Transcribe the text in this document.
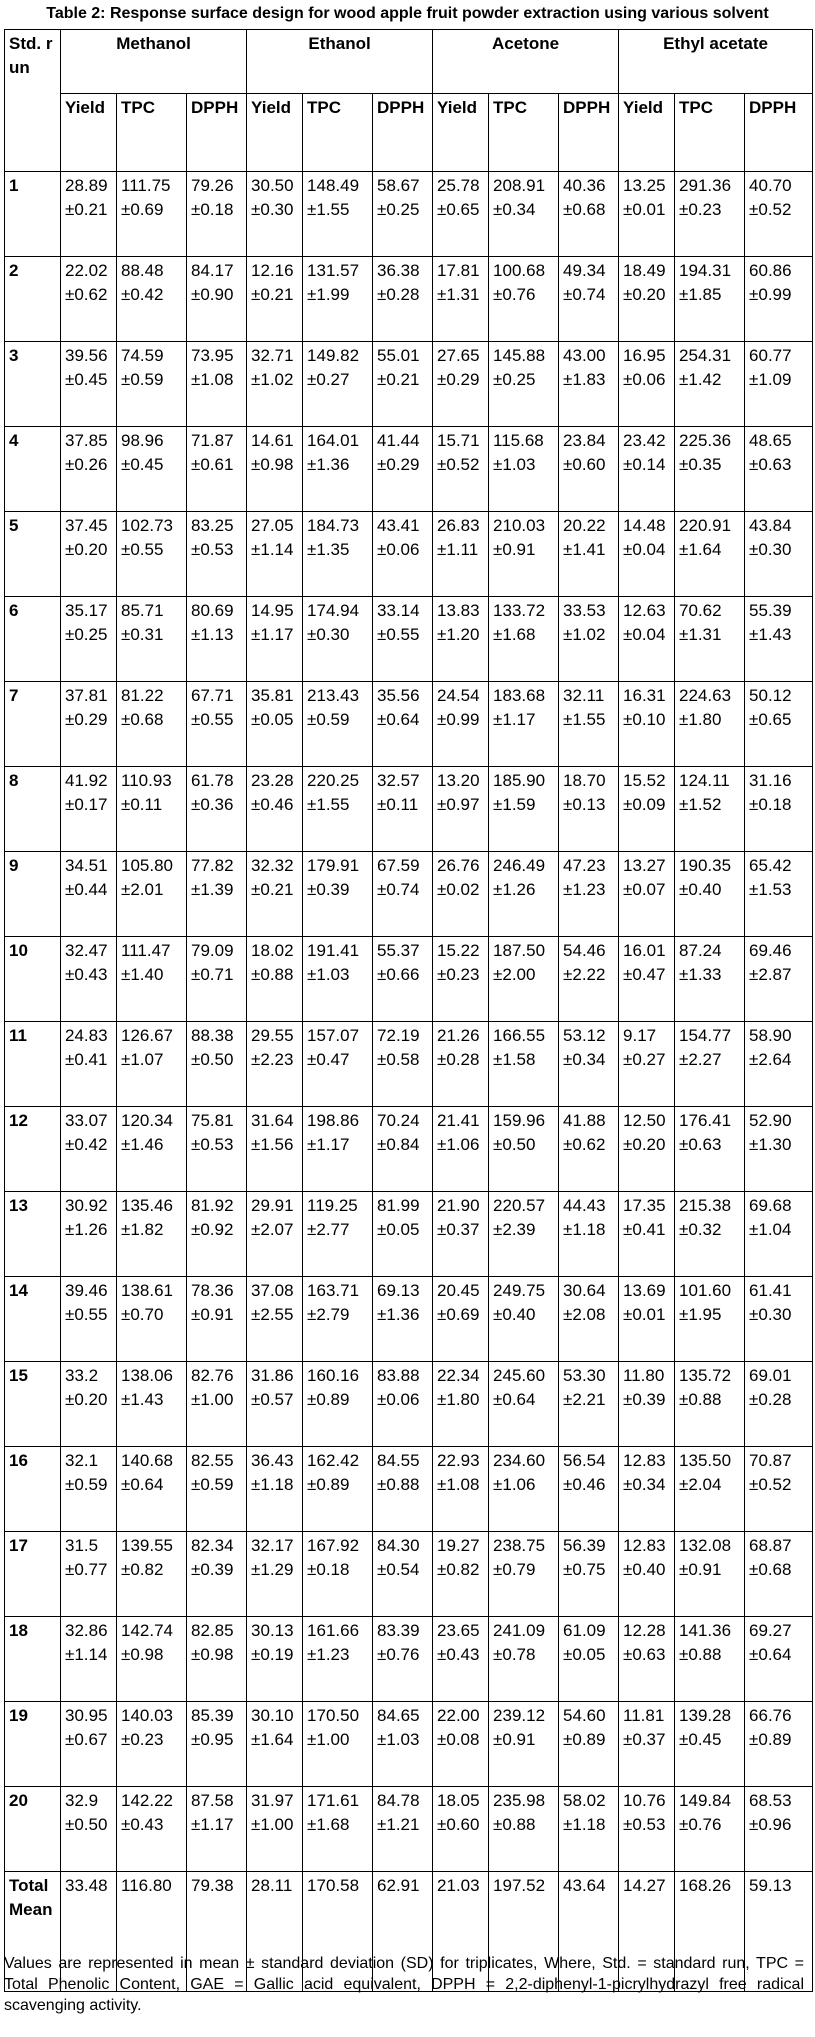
Table 2: Response surface design for wood apple fruit powder extraction using various solvent
Std. run	Methanol			Ethanol			Acetone			Ethyl acetate		
	Yield	TPC	DPPH	Yield	TPC	DPPH	Yield	TPC	DPPH	Yield	TPC	DPPH
1	28.89±0.21	111.75±0.69	79.26±0.18	30.50±0.30	148.49±1.55	58.67±0.25	25.78±0.65	208.91±0.34	40.36±0.68	13.25±0.01	291.36±0.23	40.70±0.52
2	22.02±0.62	88.48±0.42	84.17±0.90	12.16±0.21	131.57±1.99	36.38±0.28	17.81±1.31	100.68±0.76	49.34±0.74	18.49±0.20	194.31±1.85	60.86±0.99
3	39.56±0.45	74.59±0.59	73.95±1.08	32.71±1.02	149.82±0.27	55.01±0.21	27.65±0.29	145.88±0.25	43.00±1.83	16.95±0.06	254.31±1.42	60.77±1.09
4	37.85±0.26	98.96±0.45	71.87±0.61	14.61±0.98	164.01±1.36	41.44±0.29	15.71±0.52	115.68±1.03	23.84±0.60	23.42±0.14	225.36±0.35	48.65±0.63
5	37.45±0.20	102.73±0.55	83.25±0.53	27.05±1.14	184.73±1.35	43.41±0.06	26.83±1.11	210.03±0.91	20.22±1.41	14.48±0.04	220.91±1.64	43.84±0.30
6	35.17±0.25	85.71±0.31	80.69±1.13	14.95±1.17	174.94±0.30	33.14±0.55	13.83±1.20	133.72±1.68	33.53±1.02	12.63±0.04	70.62±1.31	55.39±1.43
7	37.81±0.29	81.22±0.68	67.71±0.55	35.81±0.05	213.43±0.59	35.56±0.64	24.54±0.99	183.68±1.17	32.11±1.55	16.31±0.10	224.63±1.80	50.12±0.65
8	41.92±0.17	110.93±0.11	61.78±0.36	23.28±0.46	220.25±1.55	32.57±0.11	13.20±0.97	185.90±1.59	18.70±0.13	15.52±0.09	124.11±1.52	31.16±0.18
9	34.51±0.44	105.80±2.01	77.82±1.39	32.32±0.21	179.91±0.39	67.59±0.74	26.76±0.02	246.49±1.26	47.23±1.23	13.27±0.07	190.35±0.40	65.42±1.53
10	32.47±0.43	111.47±1.40	79.09±0.71	18.02±0.88	191.41±1.03	55.37±0.66	15.22±0.23	187.50±2.00	54.46±2.22	16.01±0.47	87.24±1.33	69.46±2.87
11	24.83±0.41	126.67±1.07	88.38±0.50	29.55±2.23	157.07±0.47	72.19±0.58	21.26±0.28	166.55±1.58	53.12±0.34	9.17±0.27	154.77±2.27	58.90±2.64
12	33.07±0.42	120.34±1.46	75.81±0.53	31.64±1.56	198.86±1.17	70.24±0.84	21.41±1.06	159.96±0.50	41.88±0.62	12.50±0.20	176.41±0.63	52.90±1.30
13	30.92±1.26	135.46±1.82	81.92±0.92	29.91±2.07	119.25±2.77	81.99±0.05	21.90±0.37	220.57±2.39	44.43±1.18	17.35±0.41	215.38±0.32	69.68±1.04
14	39.46±0.55	138.61±0.70	78.36±0.91	37.08±2.55	163.71±2.79	69.13±1.36	20.45±0.69	249.75±0.40	30.64±2.08	13.69±0.01	101.60±1.95	61.41±0.30
15	33.2±0.20	138.06±1.43	82.76±1.00	31.86±0.57	160.16±0.89	83.88±0.06	22.34±1.80	245.60±0.64	53.30±2.21	11.80±0.39	135.72±0.88	69.01±0.28
16	32.1±0.59	140.68±0.64	82.55±0.59	36.43±1.18	162.42±0.89	84.55±0.88	22.93±1.08	234.60±1.06	56.54±0.46	12.83±0.34	135.50±2.04	70.87±0.52
17	31.5±0.77	139.55±0.82	82.34±0.39	32.17±1.29	167.92±0.18	84.30±0.54	19.27±0.82	238.75±0.79	56.39±0.75	12.83±0.40	132.08±0.91	68.87±0.68
18	32.86±1.14	142.74±0.98	82.85±0.98	30.13±0.19	161.66±1.23	83.39±0.76	23.65±0.43	241.09±0.78	61.09±0.05	12.28±0.63	141.36±0.88	69.27±0.64
19	30.95±0.67	140.03±0.23	85.39±0.95	30.10±1.64	170.50±1.00	84.65±1.03	22.00±0.08	239.12±0.91	54.60±0.89	11.81±0.37	139.28±0.45	66.76±0.89
20	32.9±0.50	142.22±0.43	87.58±1.17	31.97±1.00	171.61±1.68	84.78±1.21	18.05±0.60	235.98±0.88	58.02±1.18	10.76±0.53	149.84±0.76	68.53±0.96
Total Mean	33.48	116.80	79.38	28.11	170.58	62.91	21.03	197.52	43.64	14.27	168.26	59.13
Values are represented in mean ± standard deviation (SD) for triplicates, Where, Std. = standard run, TPC = Total Phenolic Content, GAE = Gallic acid equivalent, DPPH = 2,2-diphenyl-1-picrylhydrazyl free radical scavenging activity.
